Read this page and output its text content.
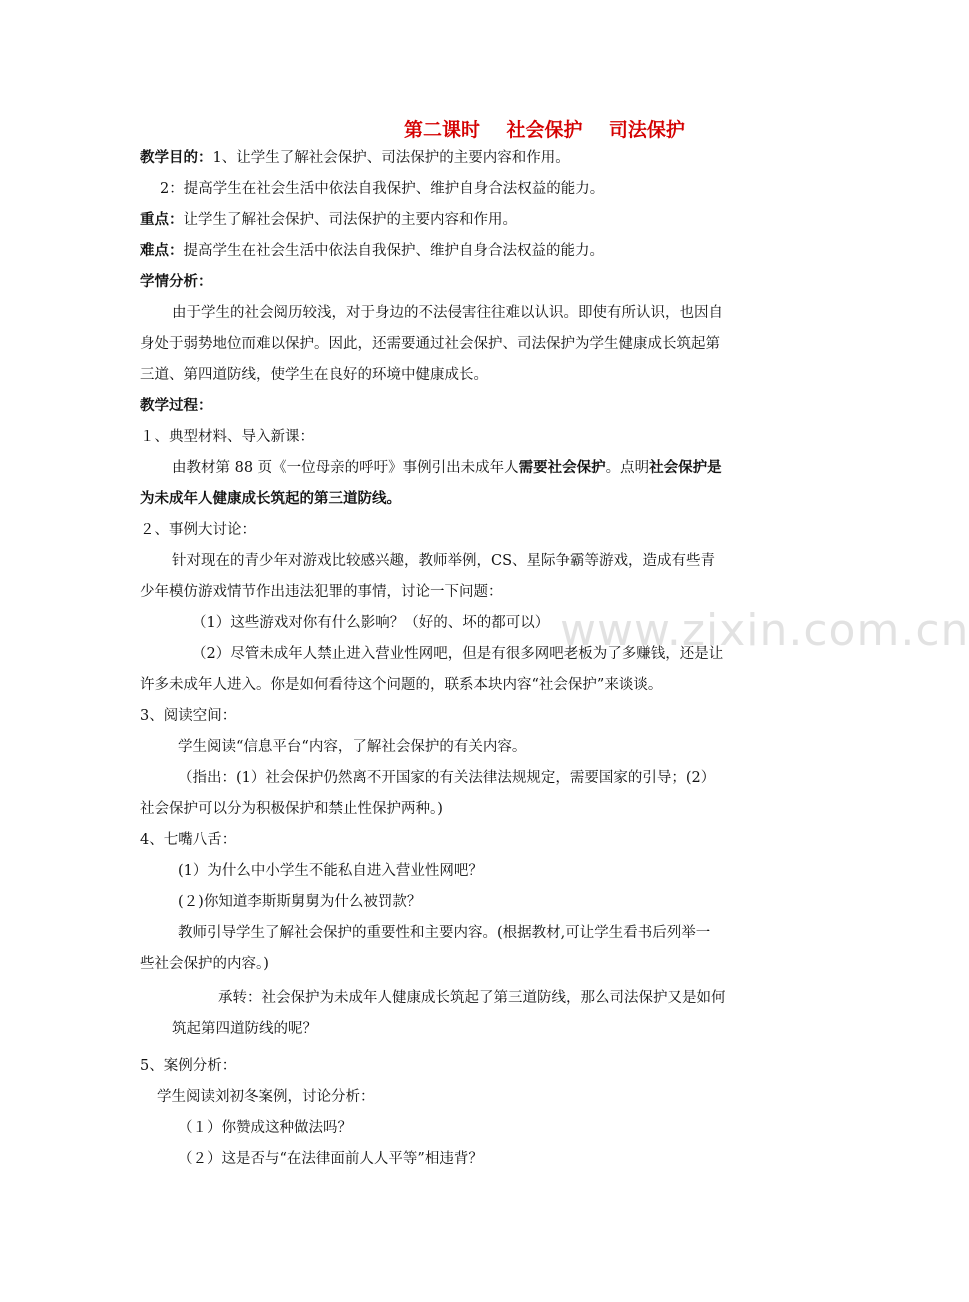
www.zixin.com.cn
第二课时    社会保护    司法保护
教学目的：1、让学生了解社会保护、司法保护的主要内容和作用。
2：提高学生在社会生活中依法自我保护、维护自身合法权益的能力。
重点：让学生了解社会保护、司法保护的主要内容和作用。
难点：提高学生在社会生活中依法自我保护、维护自身合法权益的能力。
学情分析：
由于学生的社会阅历较浅，对于身边的不法侵害往往难以认识。即使有所认识，也因自
身处于弱势地位而难以保护。因此，还需要通过社会保护、司法保护为学生健康成长筑起第
三道、第四道防线，使学生在良好的环境中健康成长。
教学过程：
１、典型材料、导入新课：
由教材第 88 页《一位母亲的呼吁》事例引出未成年人需要社会保护。点明社会保护是
为未成年人健康成长筑起的第三道防线。
２、事例大讨论：
针对现在的青少年对游戏比较感兴趣，教师举例，CS、星际争霸等游戏，造成有些青
少年模仿游戏情节作出违法犯罪的事情，讨论一下问题：
（1）这些游戏对你有什么影响？（好的、坏的都可以）
（2）尽管未成年人禁止进入营业性网吧，但是有很多网吧老板为了多赚钱，还是让
许多未成年人进入。你是如何看待这个问题的，联系本块内容“社会保护”来谈谈。
3、阅读空间：
学生阅读“信息平台“内容，了解社会保护的有关内容。
（指出：(1）社会保护仍然离不开国家的有关法律法规规定，需要国家的引导；(2）
社会保护可以分为积极保护和禁止性保护两种。)
4、七嘴八舌：
(1）为什么中小学生不能私自进入营业性网吧？
(２)你知道李斯斯舅舅为什么被罚款？
教师引导学生了解社会保护的重要性和主要内容。(根据教材,可让学生看书后列举一
些社会保护的内容。)
承转：社会保护为未成年人健康成长筑起了第三道防线，那么司法保护又是如何
筑起第四道防线的呢？
5、案例分析：
学生阅读刘初冬案例，讨论分析：
（１）你赞成这种做法吗？
（２）这是否与“在法律面前人人平等”相违背？
